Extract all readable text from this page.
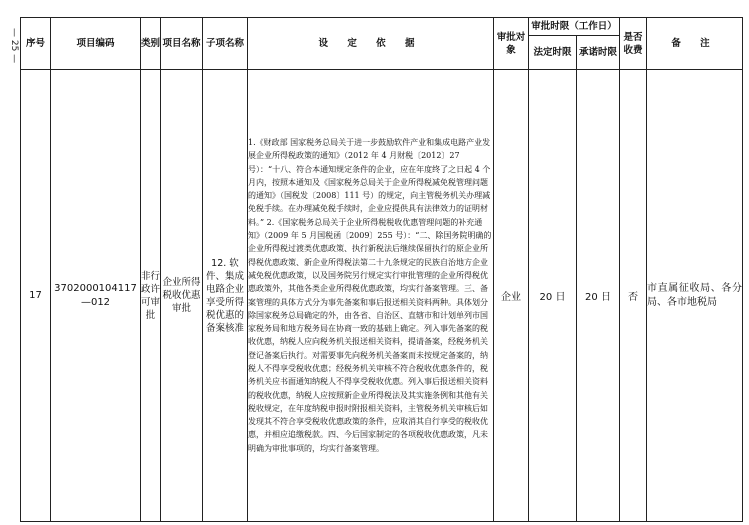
— 25 — 序号	项目编码	类别	项目名称	子项名称	设 定 依 据	审批对象	审批时限（工作日）		是否收费	备 注
							法定时限	承诺时限		
17	3702000104117—012	非行政许可审批	企业所得税收优惠审批	12. 软件、集成电路企业享受所得税优惠的备案核准	1.《财政部 国家税务总局关于进一步鼓励软件产业和集成电路产业发展企业所得税政策的通知》（2012 年 4 月财税〔2012〕27 号）：“十八、符合本通知规定条件的企业，应在年度终了之日起 4 个月内，按照本通知及《国家税务总局关于企业所得税减免税管理问题的通知》（国税发〔2008〕111 号）的规定，向主管税务机关办理减免税手续。在办理减免税手续时，企业应提供具有法律效力的证明材料。” 2.《国家税务总局关于企业所得税税收优惠管理问题的补充通知》（2009 年 5 月国税函〔2009〕255 号）：“二、除国务院明确的企业所得税过渡类优惠政策、执行新税法后继续保留执行的原企业所得税优惠政策、新企业所得税法第二十九条规定的民族自治地方企业减免税优惠政策，以及国务院另行规定实行审批管理的企业所得税优惠政策外，其他各类企业所得税优惠政策，均实行备案管理。三、备案管理的具体方式分为事先备案和事后报送相关资料两种。具体划分除国家税务总局确定的外，由各省、自治区、直辖市和计划单列市国家税务局和地方税务局在协商一致的基础上确定。列入事先备案的税收优惠，纳税人应向税务机关报送相关资料，提请备案，经税务机关登记备案后执行。对需要事先向税务机关备案而未按规定备案的，纳税人不得享受税收优惠；经税务机关审核不符合税收优惠条件的，税务机关应书面通知纳税人不得享受税收优惠。列入事后报送相关资料的税收优惠，纳税人应按照新企业所得税法及其实施条例和其他有关税收规定，在年度纳税申报时附报相关资料，主管税务机关审核后如发现其不符合享受税收优惠政策的条件，应取消其自行享受的税收优惠，并相应追缴税款。四、今后国家制定的各项税收优惠政策，凡未明确为审批事项的，均实行备案管理。	企业	20 日	20 日	否	市直属征收局、各分局、各市地税局
